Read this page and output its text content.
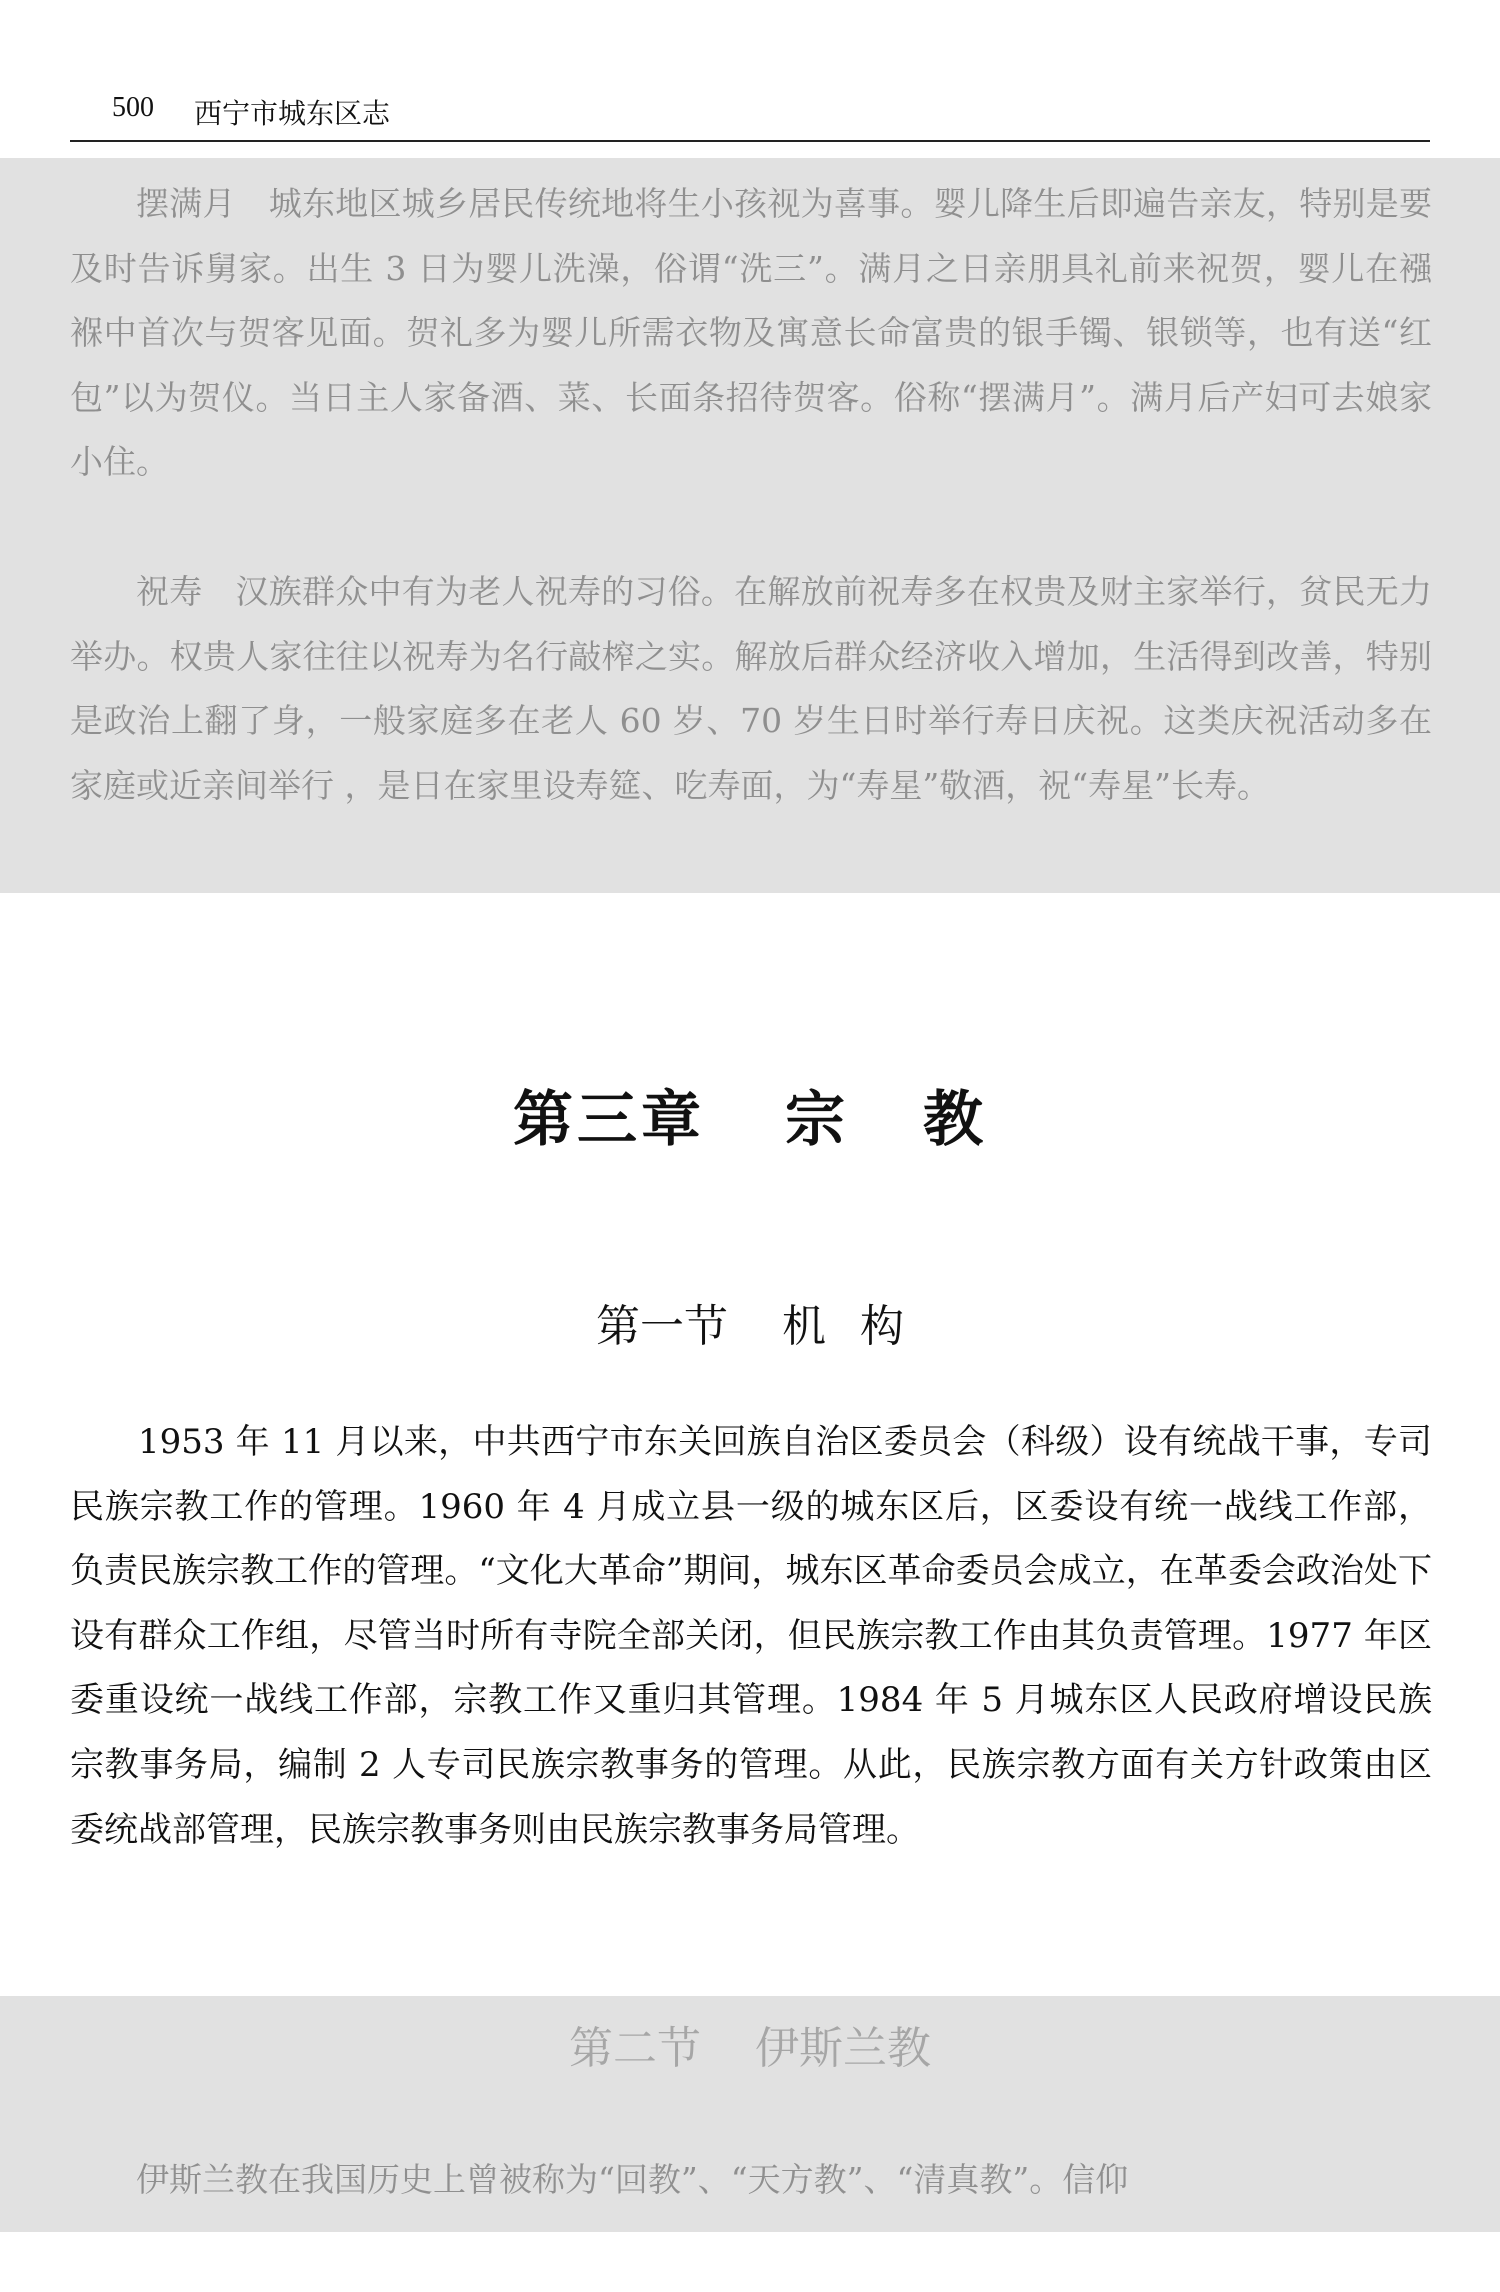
500 西宁市城东区志

摆满月 城东地区城乡居民传统地将生小孩视为喜事。婴儿降生后即遍告亲友，特别是要及时告诉舅家。出生 3 日为婴儿洗澡，俗谓“洗三”。满月之日亲朋具礼前来祝贺，婴儿在襁褓中首次与贺客见面。贺礼多为婴儿所需衣物及寓意长命富贵的银手镯、银锁等，也有送“红包”以为贺仪。当日主人家备酒、菜、长面条招待贺客。俗称“摆满月”。满月后产妇可去娘家小住。

祝寿 汉族群众中有为老人祝寿的习俗。在解放前祝寿多在权贵及财主家举行，贫民无力举办。权贵人家往往以祝寿为名行敲榨之实。解放后群众经济收入增加，生活得到改善，特别是政治上翻了身，一般家庭多在老人 60 岁、70 岁生日时举行寿日庆祝。这类庆祝活动多在家庭或近亲间举行 ，是日在家里设寿筵、吃寿面，为“寿星”敬酒，祝“寿星”长寿。

第三章 宗 教
第一节 机 构

1953 年 11 月以来，中共西宁市东关回族自治区委员会（科级）设有统战干事，专司民族宗教工作的管理。1960 年 4 月成立县一级的城东区后，区委设有统一战线工作部，负责民族宗教工作的管理。“文化大革命”期间，城东区革命委员会成立，在革委会政治处下设有群众工作组，尽管当时所有寺院全部关闭，但民族宗教工作由其负责管理。1977 年区委重设统一战线工作部，宗教工作又重归其管理。1984 年 5 月城东区人民政府增设民族宗教事务局，编制 2 人专司民族宗教事务的管理。从此，民族宗教方面有关方针政策由区委统战部管理，民族宗教事务则由民族宗教事务局管理。

第二节 伊斯兰教

伊斯兰教在我国历史上曾被称为“回教”、“天方教”、“清真教”。信仰
